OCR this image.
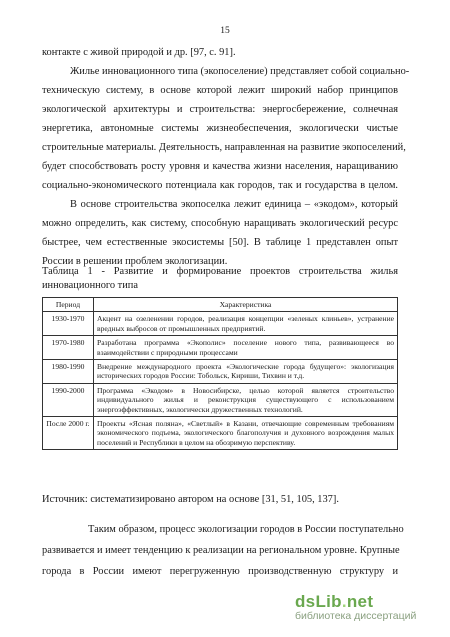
15
контакте с живой природой и др. [97, с. 91].
Жилье инновационного типа (экопоселение) представляет собой социально-
техническую систему, в основе которой лежит широкий набор принципов
экологической архитектуры и строительства: энергосбережение, солнечная
энергетика, автономные системы жизнеобеспечения, экологически чистые
строительные материалы. Деятельность, направленная на развитие экопоселений,
будет способствовать росту уровня и качества жизни населения, наращиванию
социально-экономического потенциала как городов, так и государства в целом.
В основе строительства экопоселка лежит единица – «экодом», который
можно определить, как систему, способную наращивать экологический ресурс
быстрее, чем естественные экосистемы [50]. В таблице 1 представлен опыт
России в решении проблем экологизации.
Таблица 1 - Развитие и формирование проектов строительства жилья
инновационного типа
Период	Характеристика
1930-1970	Акцент на озеленении городов, реализация концепции «зеленых клиньев», устранение вредных выбросов от промышленных предприятий.
1970-1980	Разработана программа «Экополис» поселение нового типа, развивающееся во взаимодействии с природными процессами
1980-1990	Внедрение международного проекта «Экологические города будущего»: экологизация исторических городов России: Тобольск, Кириши, Тихвин и т.д.
1990-2000	Программа «Экодом» в Новосибирске, целью которой является строительство индивидуального жилья и реконструкция существующего с использованием энергоэффективных, экологически дружественных технологий.
После 2000 г.	Проекты «Ясная поляна», «Светлый» в Казани, отвечающие современным требованиям экономического подъема, экологического благополучия и духовного возрождения малых поселений и Республики в целом на обозримую перспективу.
Источник: систематизировано автором на основе [31, 51, 105, 137].
Таким образом, процесс экологизации городов в России поступательно
развивается и имеет тенденцию к реализации на региональном уровне. Крупные
города в России имеют перегруженную производственную структуру и
dsLib.net
библиотека диссертаций
